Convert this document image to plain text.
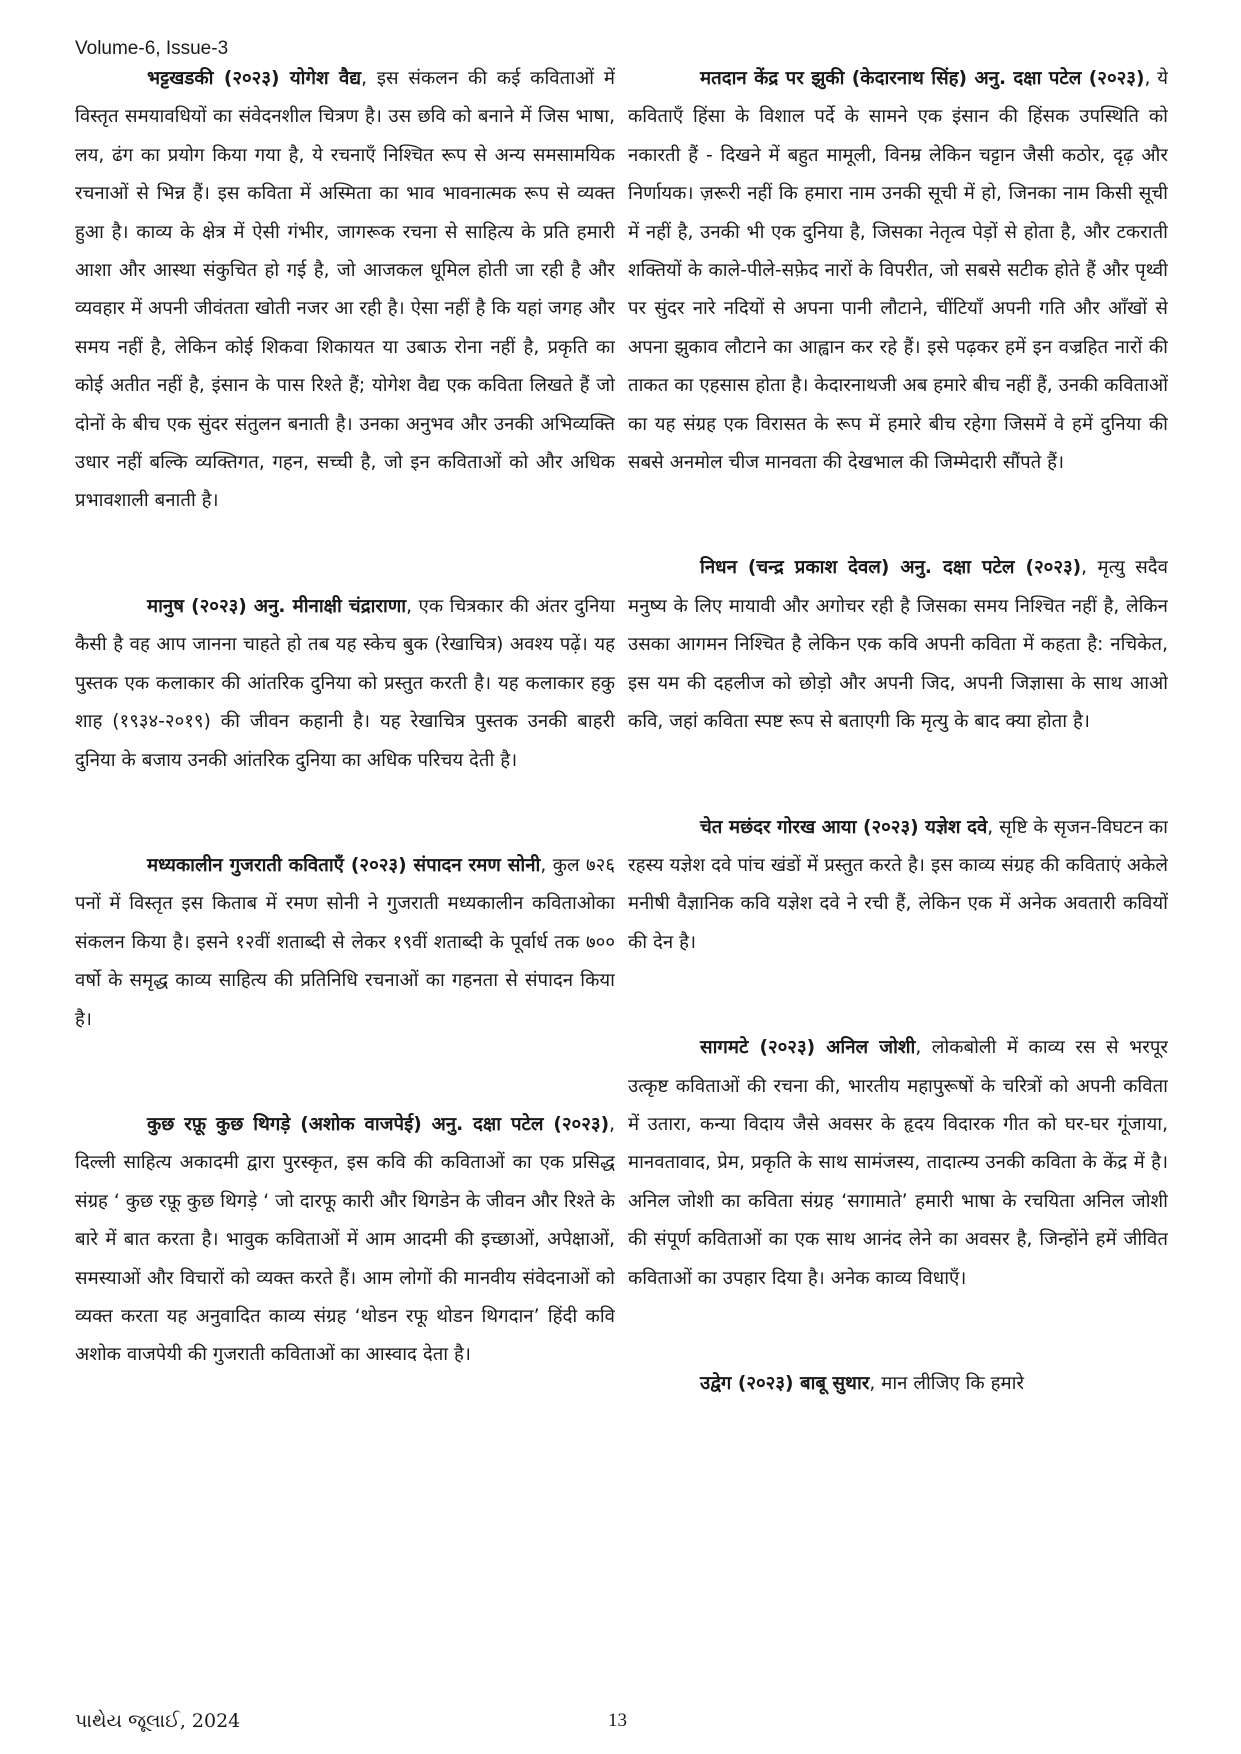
Volume-6, Issue-3

भट्टखडकी (२०२३) योगेश वैद्य, इस संकलन की कई कविताओं में विस्तृत समयावधियों का संवेदनशील चित्रण है। उस छवि को बनाने में जिस भाषा, लय, ढंग का प्रयोग किया गया है, ये रचनाएँ निश्चित रूप से अन्य समसामयिक रचनाओं से भिन्न हैं। इस कविता में अस्मिता का भाव भावनात्मक रूप से व्यक्त हुआ है। काव्य के क्षेत्र में ऐसी गंभीर, जागरूक रचना से साहित्य के प्रति हमारी आशा और आस्था संकुचित हो गई है, जो आजकल धूमिल होती जा रही है और व्यवहार में अपनी जीवंतता खोती नजर आ रही है। ऐसा नहीं है कि यहां जगह और समय नहीं है, लेकिन कोई शिकवा शिकायत या उबाऊ रोना नहीं है, प्रकृति का कोई अतीत नहीं है, इंसान के पास रिश्ते हैं; योगेश वैद्य एक कविता लिखते हैं जो दोनों के बीच एक सुंदर संतुलन बनाती है। उनका अनुभव और उनकी अभिव्यक्ति उधार नहीं बल्कि व्यक्तिगत, गहन, सच्ची है, जो इन कविताओं को और अधिक प्रभावशाली बनाती है।

मानुष (२०२३) अनु. मीनाक्षी चंद्राराणा, एक चित्रकार की अंतर दुनिया कैसी है वह आप जानना चाहते हो तब यह स्केच बुक (रेखाचित्र) अवश्य पढ़ें। यह पुस्तक एक कलाकार की आंतरिक दुनिया को प्रस्तुत करती है। यह कलाकार हकु शाह (१९३४-२०१९) की जीवन कहानी है। यह रेखाचित्र पुस्तक उनकी बाहरी दुनिया के बजाय उनकी आंतरिक दुनिया का अधिक परिचय देती है।

मध्यकालीन गुजराती कविताएँ (२०२३) संपादन रमण सोनी, कुल ७२६ पनों में विस्तृत इस किताब में रमण सोनी ने गुजराती मध्यकालीन कविताओका संकलन किया है। इसने १२वीं शताब्दी से लेकर १९वीं शताब्दी के पूर्वार्ध तक ७०० वर्षो के समृद्ध काव्य साहित्य की प्रतिनिधि रचनाओं का गहनता से संपादन किया है।

कुछ रफ़ू कुछ थिगड़े (अशोक वाजपेई) अनु. दक्षा पटेल (२०२३), दिल्ली साहित्य अकादमी द्वारा पुरस्कृत, इस कवि की कविताओं का एक प्रसिद्ध संग्रह ‘ कुछ रफ़ू कुछ थिगड़े ‘ जो दारफू कारी और थिगडेन के जीवन और रिश्ते के बारे में बात करता है। भावुक कविताओं में आम आदमी की इच्छाओं, अपेक्षाओं, समस्याओं और विचारों को व्यक्त करते हैं। आम लोगों की मानवीय संवेदनाओं को व्यक्त करता यह अनुवादित काव्य संग्रह ‘थोडन रफू थोडन थिगदान’ हिंदी कवि अशोक वाजपेयी की गुजराती कविताओं का आस्वाद देता है।

मतदान केंद्र पर झुकी (केदारनाथ सिंह) अनु. दक्षा पटेल (२०२३), ये कविताएँ हिंसा के विशाल पर्दे के सामने एक इंसान की हिंसक उपस्थिति को नकारती हैं - दिखने में बहुत मामूली, विनम्र लेकिन चट्टान जैसी कठोर, दृढ़ और निर्णायक। ज़रूरी नहीं कि हमारा नाम उनकी सूची में हो, जिनका नाम किसी सूची में नहीं है, उनकी भी एक दुनिया है, जिसका नेतृत्व पेड़ों से होता है, और टकराती शक्तियों के काले-पीले-सफ़ेद नारों के विपरीत, जो सबसे सटीक होते हैं और पृथ्वी पर सुंदर नारे नदियों से अपना पानी लौटाने, चींटियाँ अपनी गति और आँखों से अपना झुकाव लौटाने का आह्वान कर रहे हैं। इसे पढ़कर हमें इन वज्रहित नारों की ताकत का एहसास होता है। केदारनाथजी अब हमारे बीच नहीं हैं, उनकी कविताओं का यह संग्रह एक विरासत के रूप में हमारे बीच रहेगा जिसमें वे हमें दुनिया की सबसे अनमोल चीज मानवता की देखभाल की जिम्मेदारी सौंपते हैं।

निधन (चन्द्र प्रकाश देवल) अनु. दक्षा पटेल (२०२३), मृत्यु सदैव मनुष्य के लिए मायावी और अगोचर रही है जिसका समय निश्चित नहीं है, लेकिन उसका आगमन निश्चित है लेकिन एक कवि अपनी कविता में कहता है: नचिकेत, इस यम की दहलीज को छोड़ो और अपनी जिद, अपनी जिज्ञासा के साथ आओ कवि, जहां कविता स्पष्ट रूप से बताएगी कि मृत्यु के बाद क्या होता है।

चेत मछंदर गोरख आया (२०२३) यज्ञेश दवे, सृष्टि के सृजन-विघटन का रहस्य यज्ञेश दवे पांच खंडों में प्रस्तुत करते है। इस काव्य संग्रह की कविताएं अकेले मनीषी वैज्ञानिक कवि यज्ञेश दवे ने रची हैं, लेकिन एक में अनेक अवतारी कवियों की देन है।

सागमटे (२०२३) अनिल जोशी, लोकबोली में काव्य रस से भरपूर उत्कृष्ट कविताओं की रचना की, भारतीय महापुरूषों के चरित्रों को अपनी कविता में उतारा, कन्या विदाय जैसे अवसर के हृदय विदारक गीत को घर-घर गूंजाया, मानवतावाद, प्रेम, प्रकृति के साथ सामंजस्य, तादात्म्य उनकी कविता के केंद्र में है। अनिल जोशी का कविता संग्रह ‘सगामाते’ हमारी भाषा के रचयिता अनिल जोशी की संपूर्ण कविताओं का एक साथ आनंद लेने का अवसर है, जिन्होंने हमें जीवित कविताओं का उपहार दिया है। अनेक काव्य विधाएँ।

उद्वेग (२०२३) बाबू सुथार, मान लीजिए कि हमारे

પાથેય જૂલાઈ, 2024	13
